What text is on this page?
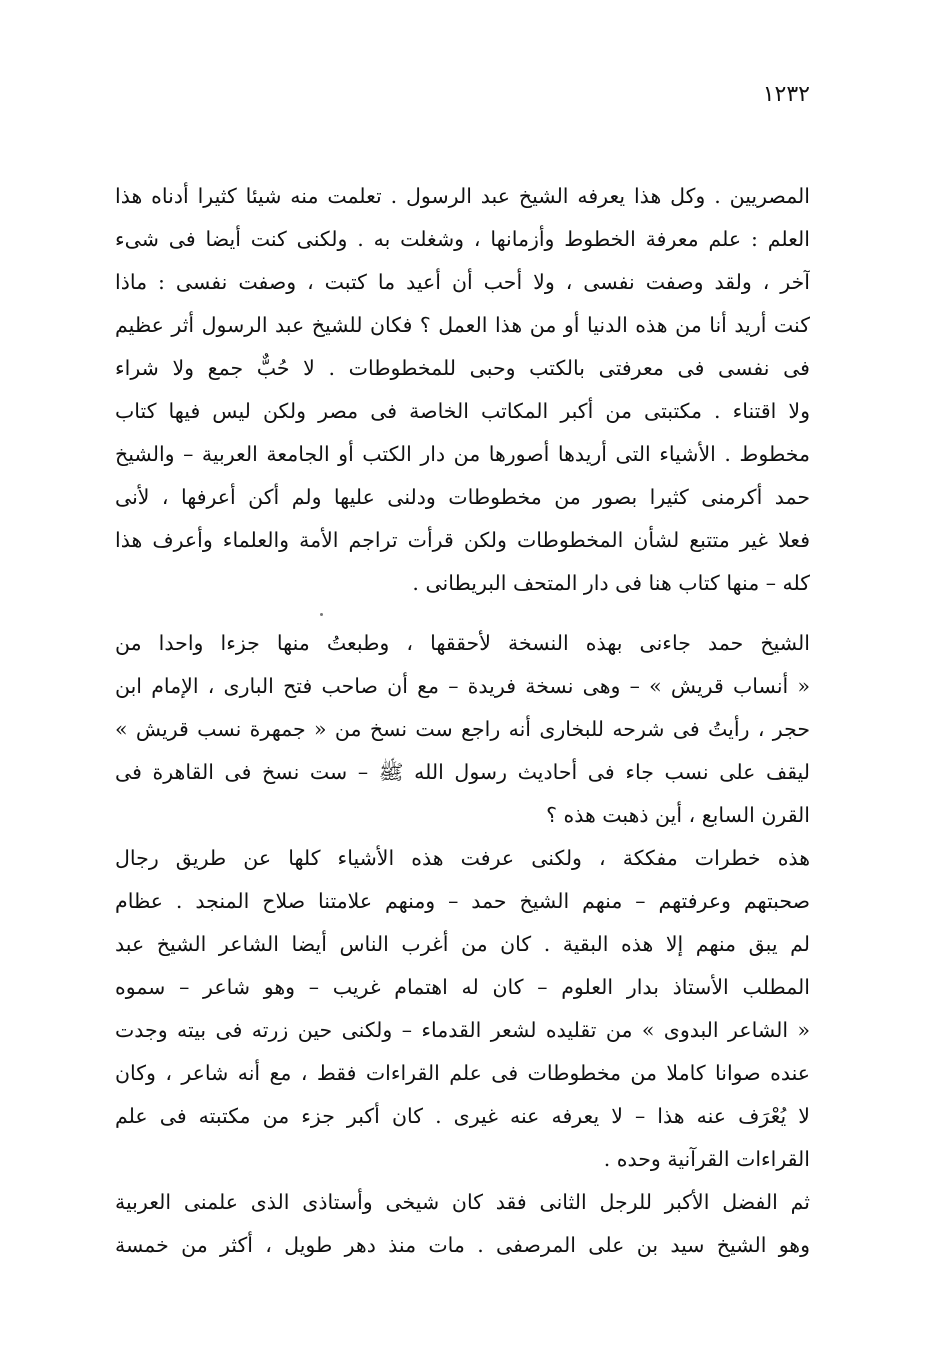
١٢٣٢
المصريين . وكل هذا يعرفه الشيخ عبد الرسول . تعلمت منه شيئا كثيرا أدناه هذا
العلم : علم معرفة الخطوط وأزمانها ، وشغلت به . ولكنى كنت أيضا فى شىء
آخر ، ولقد وصفت نفسى ، ولا أحب أن أعيد ما كتبت ، وصفت نفسى : ماذا
كنت أريد أنا من هذه الدنيا أو من هذا العمل ؟ فكان للشيخ عبد الرسول أثر عظيم
فى نفسى فى معرفتى بالكتب وحبى للمخطوطات . لا حُبٌّ جمع ولا شراء
ولا اقتناء . مكتبتى من أكبر المكاتب الخاصة فى مصر ولكن ليس فيها كتاب
مخطوط . الأشياء التى أريدها أصورها من دار الكتب أو الجامعة العربية – والشيخ
حمد أكرمنى كثيرا بصور من مخطوطات ودلنى عليها ولم أكن أعرفها ، لأنى
فعلا غير متتبع لشأن المخطوطات ولكن قرأت تراجم الأمة والعلماء وأعرف هذا
كله – منها كتاب هنا فى دار المتحف البريطانى .
الشيخ حمد جاءنى بهذه النسخة لأحققها ، وطبعتُ منها جزءا واحدا من
« أنساب قريش » – وهى نسخة فريدة – مع أن صاحب فتح البارى ، الإمام ابن
حجر ، رأيتُ فى شرحه للبخارى أنه راجع ست نسخ من « جمهرة نسب قريش »
ليقف على نسب جاء فى أحاديث رسول الله ﷺ – ست نسخ فى القاهرة فى
القرن السابع ، أين ذهبت هذه ؟
هذه خطرات مفككة ، ولكنى عرفت هذه الأشياء كلها عن طريق رجال
صحبتهم وعرفتهم – منهم الشيخ حمد – ومنهم علامتنا صلاح المنجد . عظام
لم يبق منهم إلا هذه البقية . كان من أغرب الناس أيضا الشاعر الشيخ عبد
المطلب الأستاذ بدار العلوم – كان له اهتمام غريب – وهو شاعر – سموه
« الشاعر البدوى » من تقليده لشعر القدماء – ولكنى حين زرته فى بيته وجدت
عنده صوانا كاملا من مخطوطات فى علم القراءات فقط ، مع أنه شاعر ، وكان
لا يُعْرَف عنه هذا – لا يعرفه عنه غيرى . كان أكبر جزء من مكتبته فى علم
القراءات القرآنية وحده .
ثم الفضل الأكبر للرجل الثانى فقد كان شيخى وأستاذى الذى علمنى العربية
وهو الشيخ سيد بن على المرصفى . مات منذ دهر طويل ، أكثر من خمسة
